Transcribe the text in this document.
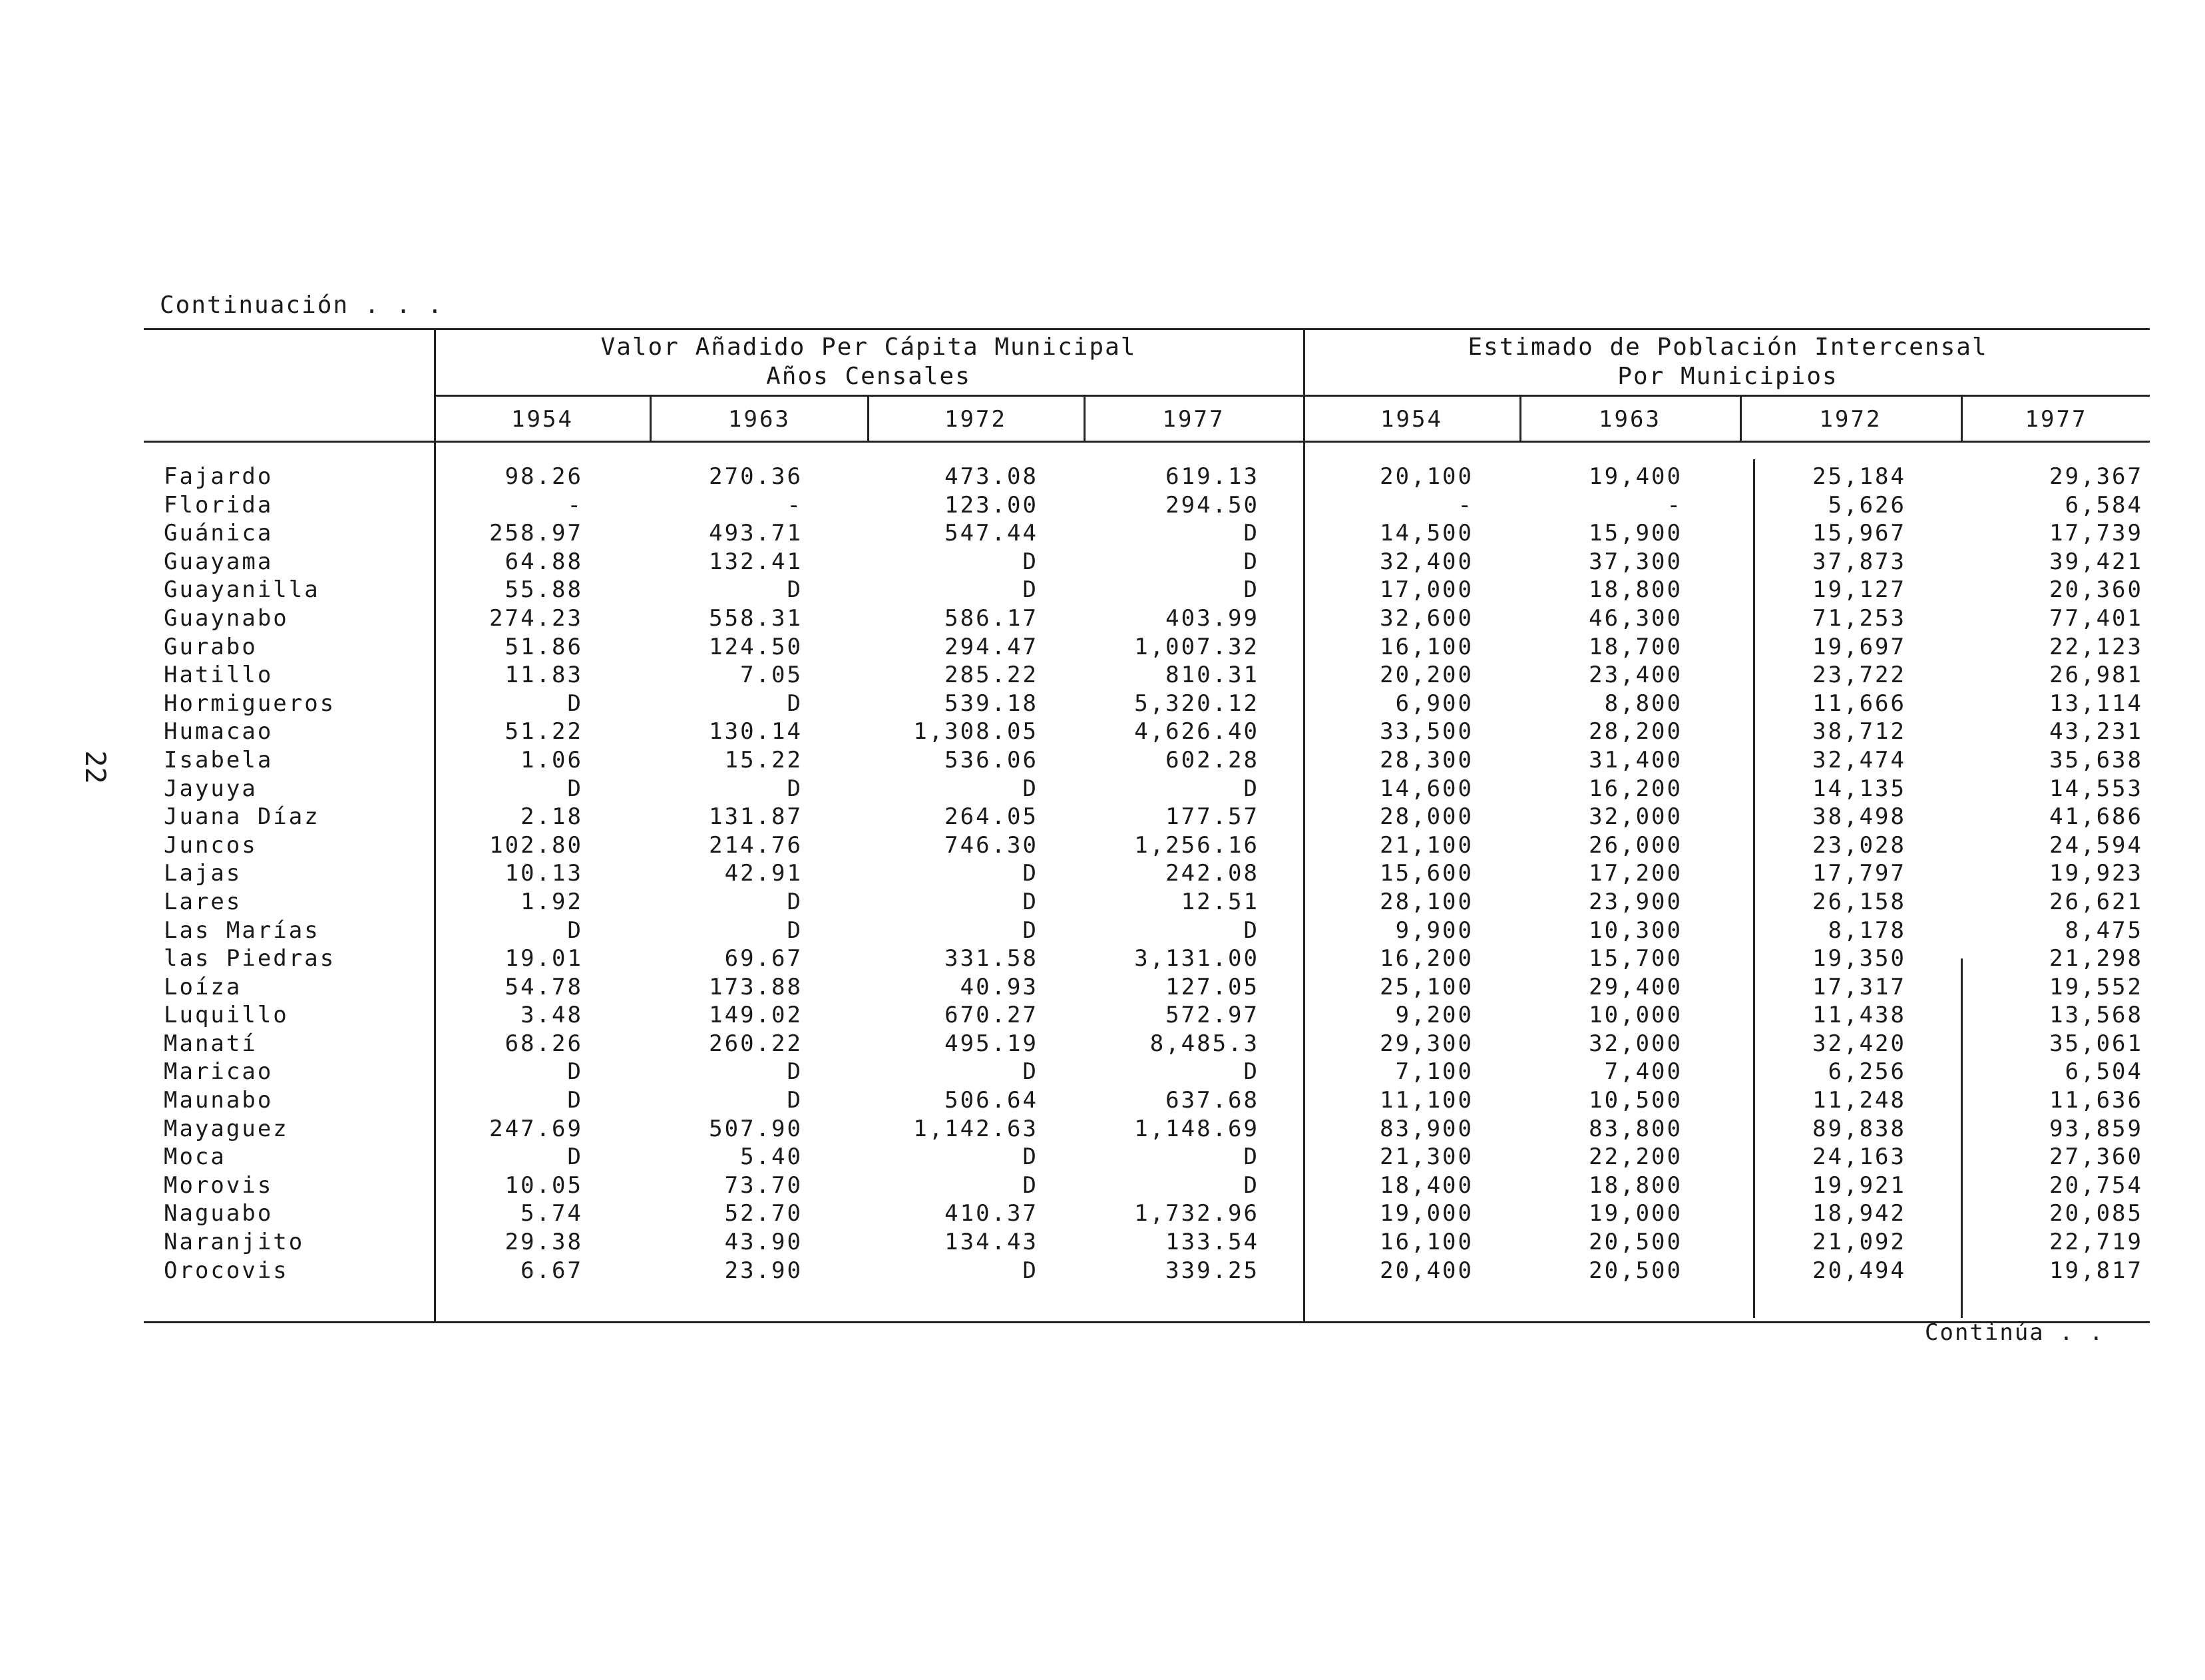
22
Continuación . . .
Valor Añadido Per Cápita Municipal
Años Censales
Estimado de Población Intercensal
Por Municipios
1954	1963	1972	1977	1954	1963	1972	1977
Fajardo	98.26	270.36	473.08	619.13	20,100	19,400	25,184	29,367
Florida	-	-	123.00	294.50	-	-	5,626	6,584
Guánica	258.97	493.71	547.44	D	14,500	15,900	15,967	17,739
Guayama	64.88	132.41	D	D	32,400	37,300	37,873	39,421
Guayanilla	55.88	D	D	D	17,000	18,800	19,127	20,360
Guaynabo	274.23	558.31	586.17	403.99	32,600	46,300	71,253	77,401
Gurabo	51.86	124.50	294.47	1,007.32	16,100	18,700	19,697	22,123
Hatillo	11.83	7.05	285.22	810.31	20,200	23,400	23,722	26,981
Hormigueros	D	D	539.18	5,320.12	6,900	8,800	11,666	13,114
Humacao	51.22	130.14	1,308.05	4,626.40	33,500	28,200	38,712	43,231
Isabela	1.06	15.22	536.06	602.28	28,300	31,400	32,474	35,638
Jayuya	D	D	D	D	14,600	16,200	14,135	14,553
Juana Díaz	2.18	131.87	264.05	177.57	28,000	32,000	38,498	41,686
Juncos	102.80	214.76	746.30	1,256.16	21,100	26,000	23,028	24,594
Lajas	10.13	42.91	D	242.08	15,600	17,200	17,797	19,923
Lares	1.92	D	D	12.51	28,100	23,900	26,158	26,621
Las Marías	D	D	D	D	9,900	10,300	8,178	8,475
las Piedras	19.01	69.67	331.58	3,131.00	16,200	15,700	19,350	21,298
Loíza	54.78	173.88	40.93	127.05	25,100	29,400	17,317	19,552
Luquillo	3.48	149.02	670.27	572.97	9,200	10,000	11,438	13,568
Manatí	68.26	260.22	495.19	8,485.3	29,300	32,000	32,420	35,061
Maricao	D	D	D	D	7,100	7,400	6,256	6,504
Maunabo	D	D	506.64	637.68	11,100	10,500	11,248	11,636
Mayaguez	247.69	507.90	1,142.63	1,148.69	83,900	83,800	89,838	93,859
Moca	D	5.40	D	D	21,300	22,200	24,163	27,360
Morovis	10.05	73.70	D	D	18,400	18,800	19,921	20,754
Naguabo	5.74	52.70	410.37	1,732.96	19,000	19,000	18,942	20,085
Naranjito	29.38	43.90	134.43	133.54	16,100	20,500	21,092	22,719
Orocovis	6.67	23.90	D	339.25	20,400	20,500	20,494	19,817
Continúa . .
